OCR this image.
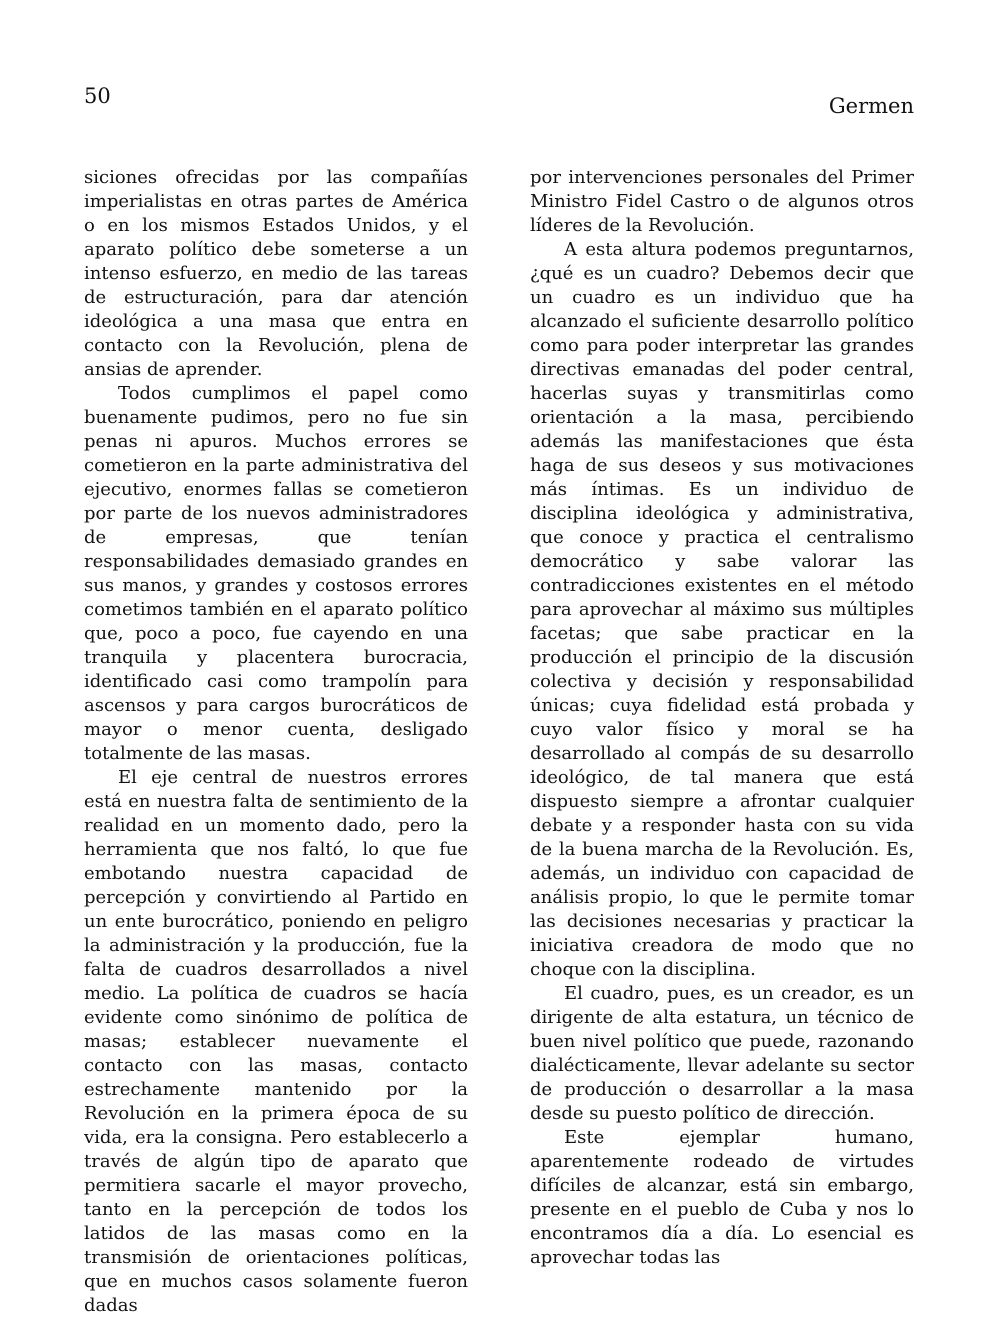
50	Germen

siciones ofrecidas por las compañías imperialistas en otras partes de América o en los mismos Estados Unidos, y el aparato político debe someterse a un intenso esfuerzo, en medio de las tareas de estructuración, para dar atención ideológica a una masa que entra en contacto con la Revolución, plena de ansias de aprender.

Todos cumplimos el papel como buenamente pudimos, pero no fue sin penas ni apuros. Muchos errores se cometieron en la parte administrativa del ejecutivo, enormes fallas se cometieron por parte de los nuevos administradores de empresas, que tenían responsabilidades demasiado grandes en sus manos, y grandes y costosos errores cometimos también en el aparato político que, poco a poco, fue cayendo en una tranquila y placentera burocracia, identificado casi como trampolín para ascensos y para cargos burocráticos de mayor o menor cuenta, desligado totalmente de las masas.

El eje central de nuestros errores está en nuestra falta de sentimiento de la realidad en un momento dado, pero la herramienta que nos faltó, lo que fue embotando nuestra capacidad de percepción y convirtiendo al Partido en un ente burocrático, poniendo en peligro la administración y la producción, fue la falta de cuadros desarrollados a nivel medio. La política de cuadros se hacía evidente como sinónimo de política de masas; establecer nuevamente el contacto con las masas, contacto estrechamente mantenido por la Revolución en la primera época de su vida, era la consigna. Pero establecerlo a través de algún tipo de aparato que permitiera sacarle el mayor provecho, tanto en la percepción de todos los latidos de las masas como en la transmisión de orientaciones políticas, que en muchos casos solamente fueron dadas

por intervenciones personales del Primer Ministro Fidel Castro o de algunos otros líderes de la Revolución.

A esta altura podemos preguntarnos, ¿qué es un cuadro? Debemos decir que un cuadro es un individuo que ha alcanzado el suficiente desarrollo político como para poder interpretar las grandes directivas emanadas del poder central, hacerlas suyas y transmitirlas como orientación a la masa, percibiendo además las manifestaciones que ésta haga de sus deseos y sus motivaciones más íntimas. Es un individuo de disciplina ideológica y administrativa, que conoce y practica el centralismo democrático y sabe valorar las contradicciones existentes en el método para aprovechar al máximo sus múltiples facetas; que sabe practicar en la producción el principio de la discusión colectiva y decisión y responsabilidad únicas; cuya fidelidad está probada y cuyo valor físico y moral se ha desarrollado al compás de su desarrollo ideológico, de tal manera que está dispuesto siempre a afrontar cualquier debate y a responder hasta con su vida de la buena marcha de la Revolución. Es, además, un individuo con capacidad de análisis propio, lo que le permite tomar las decisiones necesarias y practicar la iniciativa creadora de modo que no choque con la disciplina.

El cuadro, pues, es un creador, es un dirigente de alta estatura, un técnico de buen nivel político que puede, razonando dialécticamente, llevar adelante su sector de producción o desarrollar a la masa desde su puesto político de dirección.

Este ejemplar humano, aparentemente rodeado de virtudes difíciles de alcanzar, está sin embargo, presente en el pueblo de Cuba y nos lo encontramos día a día. Lo esencial es aprovechar todas las
